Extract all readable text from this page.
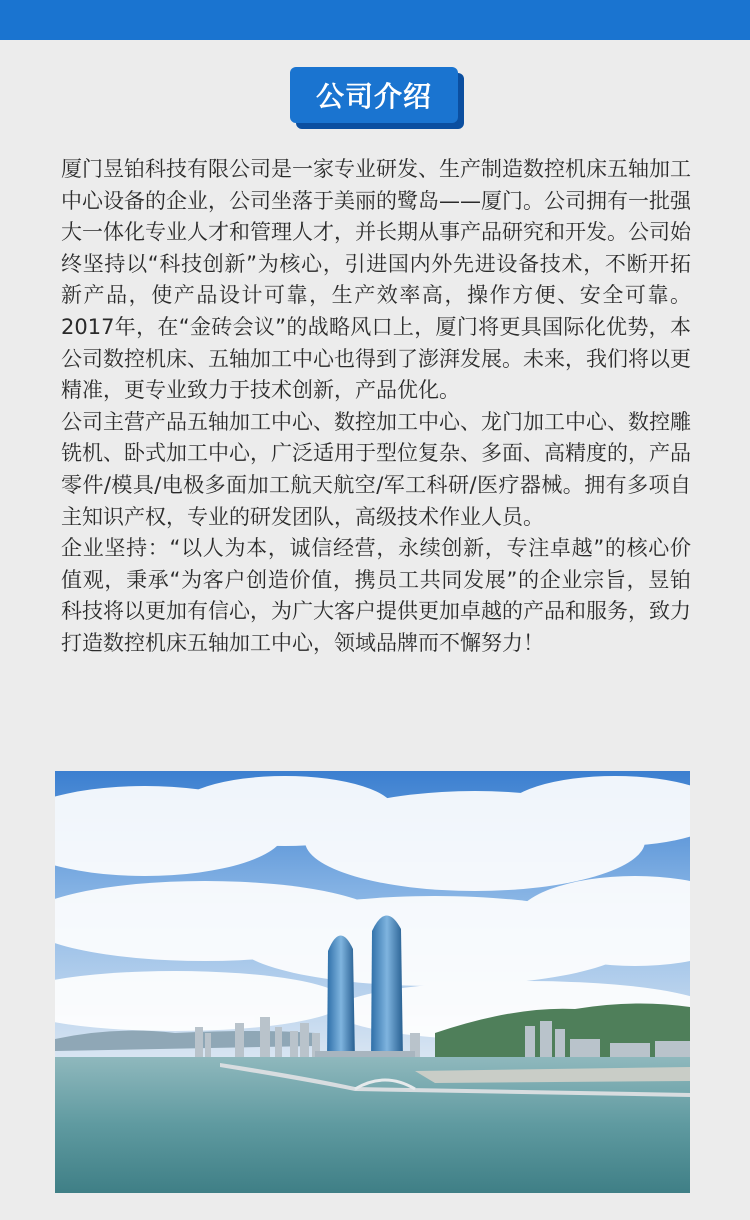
公司介绍

厦门昱铂科技有限公司是一家专业研发、生产制造数控机床五轴加工中心设备的企业，公司坐落于美丽的鹭岛——厦门。公司拥有一批强大一体化专业人才和管理人才，并长期从事产品研究和开发。公司始终坚持以“科技创新”为核心，引进国内外先进设备技术，不断开拓新产品，使产品设计可靠，生产效率高，操作方便、安全可靠。2017年，在“金砖会议”的战略风口上，厦门将更具国际化优势，本公司数控机床、五轴加工中心也得到了澎湃发展。未来，我们将以更精准，更专业致力于技术创新，产品优化。

公司主营产品五轴加工中心、数控加工中心、龙门加工中心、数控雕铣机、卧式加工中心，广泛适用于型位复杂、多面、高精度的，产品零件/模具/电极多面加工航天航空/军工科研/医疗器械。拥有多项自主知识产权，专业的研发团队，高级技术作业人员。

企业坚持：“以人为本，诚信经营，永续创新，专注卓越”的核心价值观，秉承“为客户创造价值，携员工共同发展”的企业宗旨，昱铂科技将以更加有信心，为广大客户提供更加卓越的产品和服务，致力打造数控机床五轴加工中心，领域品牌而不懈努力！
